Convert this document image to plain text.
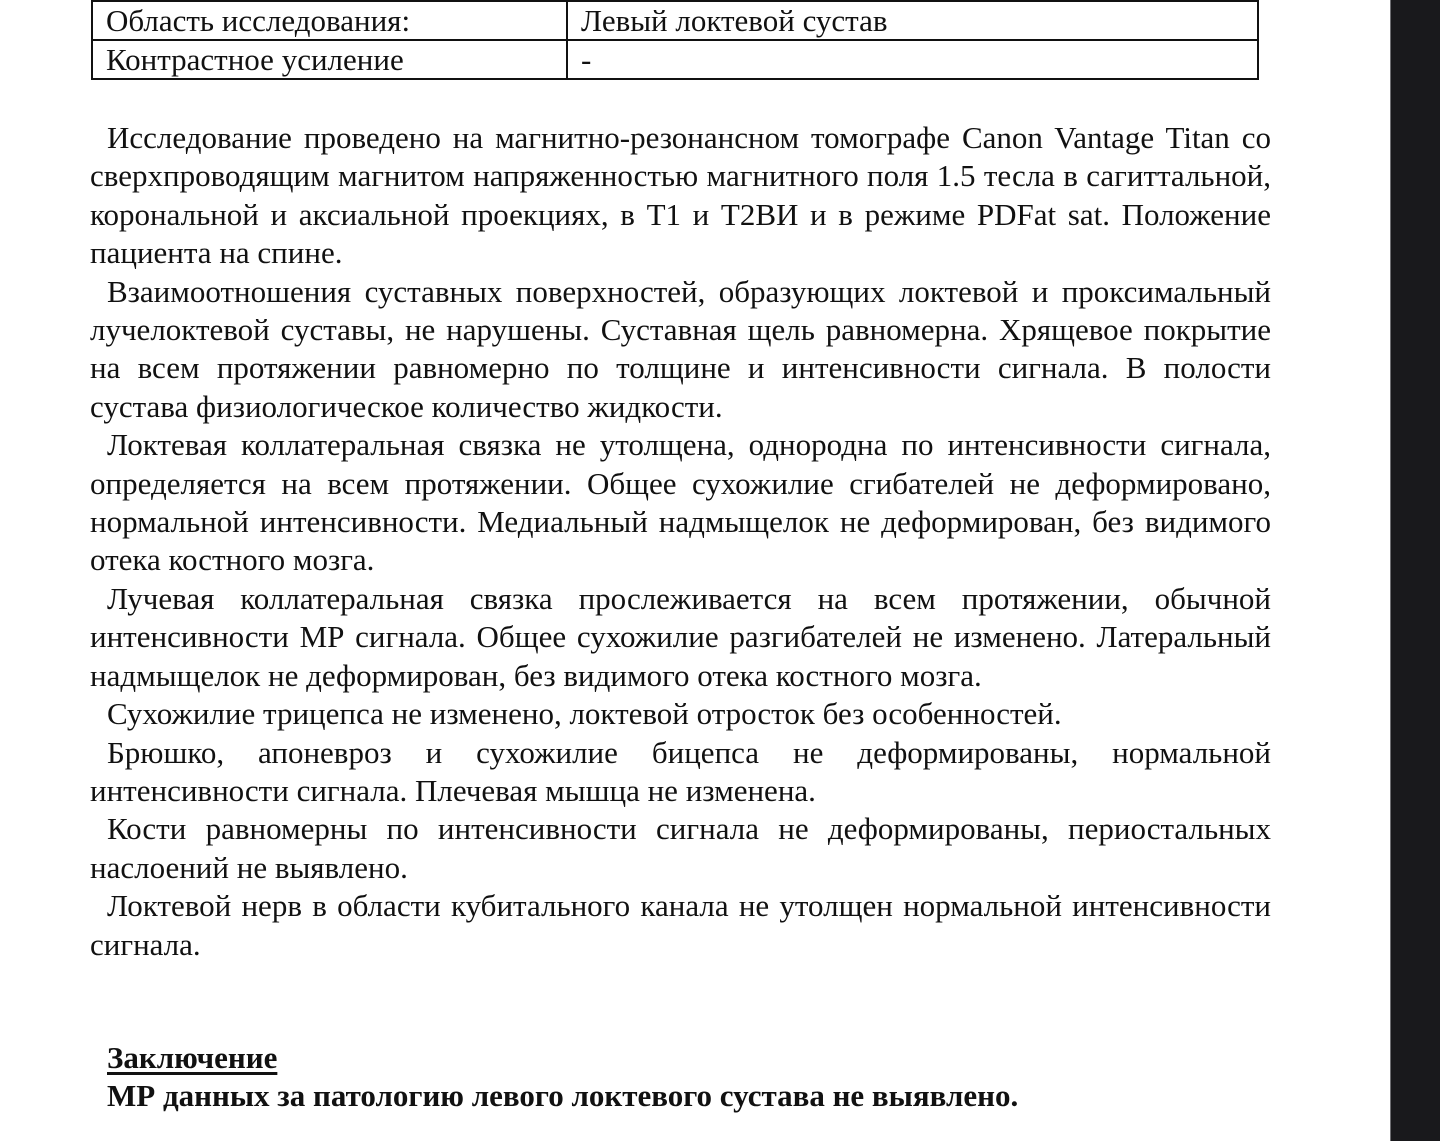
Область исследования:	Левый локтевой сустав
Контрастное усиление	-

Исследование проведено на магнитно-резонансном томографе Canon Vantage Titan со сверхпроводящим магнитом напряженностью магнитного поля 1.5 тесла в сагиттальной, корональной и аксиальной проекциях, в T1 и T2ВИ и в режиме PDFat sat. Положение пациента на спине.

Взаимоотношения суставных поверхностей, образующих локтевой и проксимальный лучелоктевой суставы, не нарушены. Суставная щель равномерна. Хрящевое покрытие на всем протяжении равномерно по толщине и интенсивности сигнала. В полости сустава физиологическое количество жидкости.

Локтевая коллатеральная связка не утолщена, однородна по интенсивности сигнала, определяется на всем протяжении. Общее сухожилие сгибателей не деформировано, нормальной интенсивности. Медиальный надмыщелок не деформирован, без видимого отека костного мозга.

Лучевая коллатеральная связка прослеживается на всем протяжении, обычной интенсивности МР сигнала. Общее сухожилие разгибателей не изменено. Латеральный надмыщелок не деформирован, без видимого отека костного мозга.

Сухожилие трицепса не изменено, локтевой отросток без особенностей.

Брюшко, апоневроз и сухожилие бицепса не деформированы, нормальной интенсивности сигнала. Плечевая мышца не изменена.

Кости равномерны по интенсивности сигнала не деформированы, периостальных наслоений не выявлено.

Локтевой нерв в области кубитального канала не утолщен нормальной интенсивности сигнала.

Заключение
МР данных за патологию левого локтевого сустава не выявлено.
